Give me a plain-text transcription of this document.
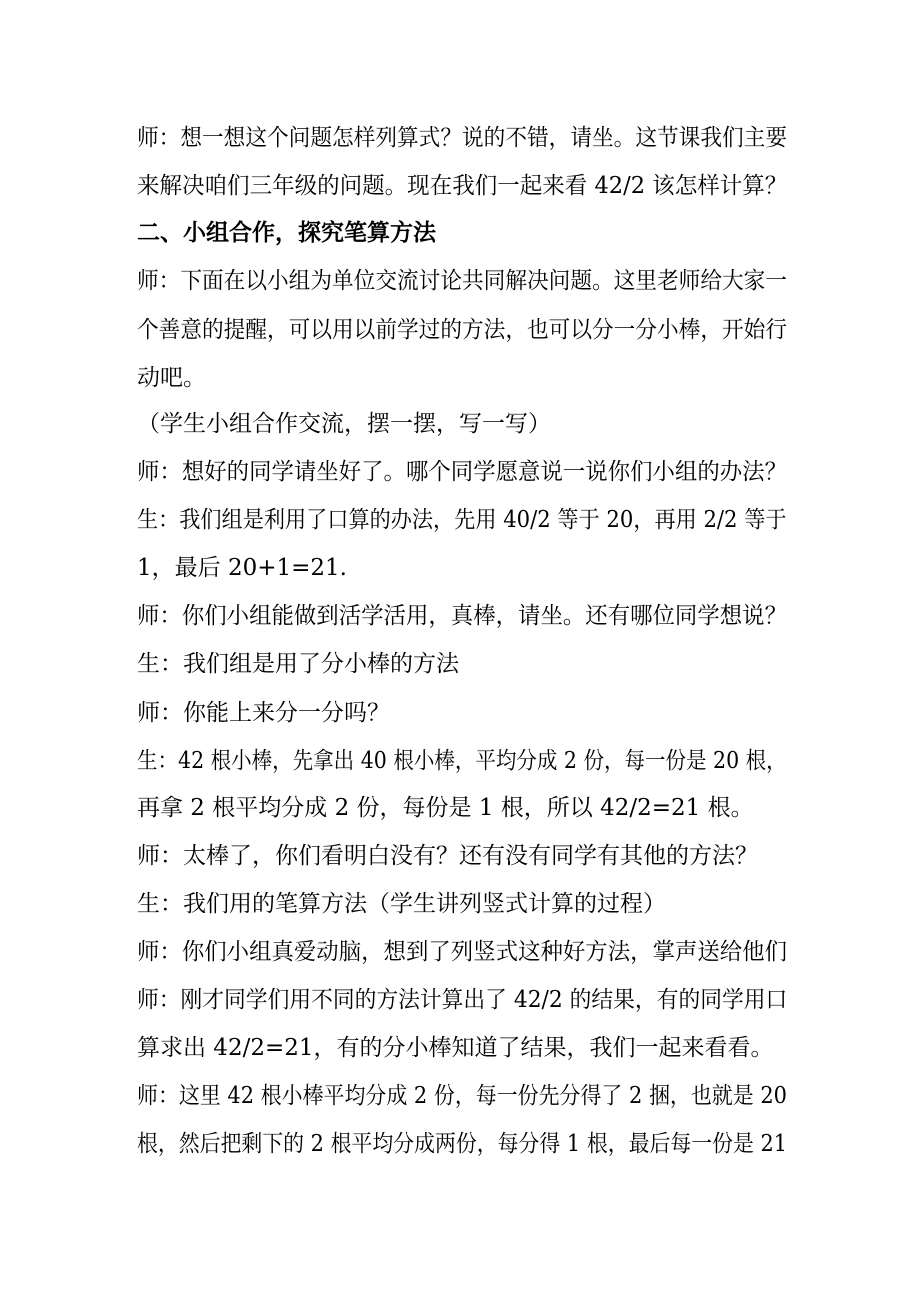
师：想一想这个问题怎样列算式？说的不错，请坐。这节课我们主要
来解决咱们三年级的问题。现在我们一起来看 42/2 该怎样计算？
二、小组合作，探究笔算方法
师：下面在以小组为单位交流讨论共同解决问题。这里老师给大家一
个善意的提醒，可以用以前学过的方法，也可以分一分小棒，开始行
动吧。
（学生小组合作交流，摆一摆，写一写）
师：想好的同学请坐好了。哪个同学愿意说一说你们小组的办法？
生：我们组是利用了口算的办法，先用 40/2 等于 20，再用 2/2 等于
1，最后 20+1=21.
师：你们小组能做到活学活用，真棒，请坐。还有哪位同学想说？
生：我们组是用了分小棒的方法
师：你能上来分一分吗？
生：42 根小棒，先拿出 40 根小棒，平均分成 2 份，每一份是 20 根，
再拿 2 根平均分成 2 份，每份是 1 根，所以 42/2=21 根。
师：太棒了，你们看明白没有？还有没有同学有其他的方法？
生：我们用的笔算方法（学生讲列竖式计算的过程）
师：你们小组真爱动脑，想到了列竖式这种好方法，掌声送给他们
师：刚才同学们用不同的方法计算出了 42/2 的结果，有的同学用口
算求出 42/2=21，有的分小棒知道了结果，我们一起来看看。
师：这里 42 根小棒平均分成 2 份，每一份先分得了 2 捆，也就是 20
根，然后把剩下的 2 根平均分成两份，每分得 1 根，最后每一份是 21
